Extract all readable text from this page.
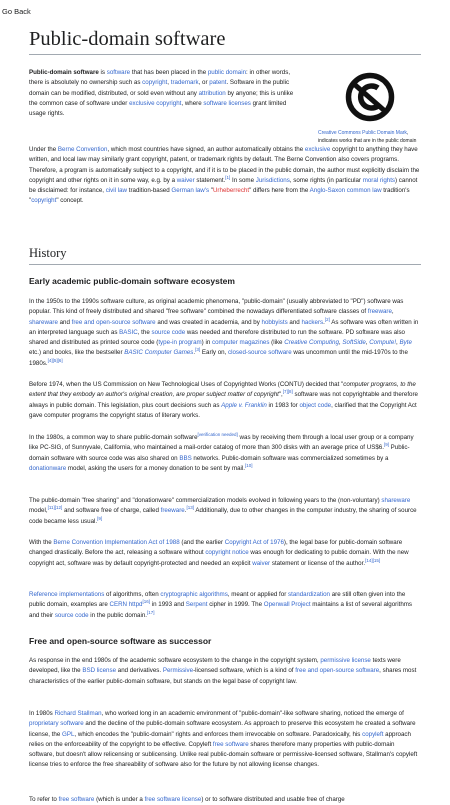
Go Back
Public-domain software

Public-domain software is software that has been placed in the public domain: in other words, there is absolutely no ownership such as copyright, trademark, or patent. Software in the public domain can be modified, distributed, or sold even without any attribution by anyone; this is unlike the common case of software under exclusive copyright, where software licenses grant limited usage rights.

Creative Commons Public Domain Mark, indicates works that are in the public domain

Under the Berne Convention, which most countries have signed, an author automatically obtains the exclusive copyright to anything they have written, and local law may similarly grant copyright, patent, or trademark rights by default. The Berne Convention also covers programs. Therefore, a program is automatically subject to a copyright, and if it is to be placed in the public domain, the author must explicitly disclaim the copyright and other rights on it in some way, e.g. by a waiver statement.[1] In some Jurisdictions, some rights (in particular moral rights) cannot be disclaimed: for instance, civil law tradition-based German law's "Urheberrecht" differs here from the Anglo-Saxon common law tradition's "copyright" concept.

History
Early academic public-domain software ecosystem

In the 1950s to the 1990s software culture, as original academic phenomena, "public-domain" (usually abbreviated to "PD") software was popular. This kind of freely distributed and shared "free software" combined the nowadays differentiated software classes of freeware, shareware and free and open-source software and was created in academia, and by hobbyists and hackers.[2] As software was often written in an interpreted language such as BASIC, the source code was needed and therefore distributed to run the software. PD software was also shared and distributed as printed source code (type-in program) in computer magazines (like Creative Computing, SoftSide, Compute!, Byte etc.) and books, like the bestseller BASIC Computer Games.[3] Early on, closed-source software was uncommon until the mid-1970s to the 1980s.[4][5][6]

Before 1974, when the US Commission on New Technological Uses of Copyrighted Works (CONTU) decided that "computer programs, to the extent that they embody an author's original creation, are proper subject matter of copyright",[7][8] software was not copyrightable and therefore always in public domain. This legislation, plus court decisions such as Apple v. Franklin in 1983 for object code, clarified that the Copyright Act gave computer programs the copyright status of literary works.

In the 1980s, a common way to share public-domain software[verification needed] was by receiving them through a local user group or a company like PC-SIG, of Sunnyvale, California, who maintained a mail-order catalog of more than 300 disks with an average price of US$6.[9] Public-domain software with source code was also shared on BBS networks. Public-domain software was commercialized sometimes by a donationware model, asking the users for a money donation to be sent by mail.[10]

The public-domain "free sharing" and "donationware" commercialization models evolved in following years to the (non-voluntary) shareware model,[11][12] and software free of charge, called freeware.[13] Additionally, due to other changes in the computer industry, the sharing of source code became less usual.[9]

With the Berne Convention Implementation Act of 1988 (and the earlier Copyright Act of 1976), the legal base for public-domain software changed drastically. Before the act, releasing a software without copyright notice was enough for dedicating to public domain. With the new copyright act, software was by default copyright-protected and needed an explicit waiver statement or license of the author.[14][15]

Reference implementations of algorithms, often cryptographic algorithms, meant or applied for standardization are still often given into the public domain, examples are CERN httpd[16] in 1993 and Serpent cipher in 1999. The Openwall Project maintains a list of several algorithms and their source code in the public domain.[17]

Free and open-source software as successor

As response in the end 1980s of the academic software ecosystem to the change in the copyright system, permissive license texts were developed, like the BSD license and derivatives. Permissive-licensed software, which is a kind of free and open-source software, shares most characteristics of the earlier public-domain software, but stands on the legal base of copyright law.

In 1980s Richard Stallman, who worked long in an academic environment of "public-domain"-like software sharing, noticed the emerge of proprietary software and the decline of the public-domain software ecosystem. As approach to preserve this ecosystem he created a software license, the GPL, which encodes the "public-domain" rights and enforces them irrevocable on software. Paradoxically, his copyleft approach relies on the enforceability of the copyright to be effective. Copyleft free software shares therefore many properties with public-domain software, but doesn't allow relicensing or sublicensing. Unlike real public-domain software or permissive-licensed software, Stallman's copyleft license tries to enforce the free shareability of software also for the future by not allowing license changes.

To refer to free software (which is under a free software license) or to software distributed and usable free of charge
